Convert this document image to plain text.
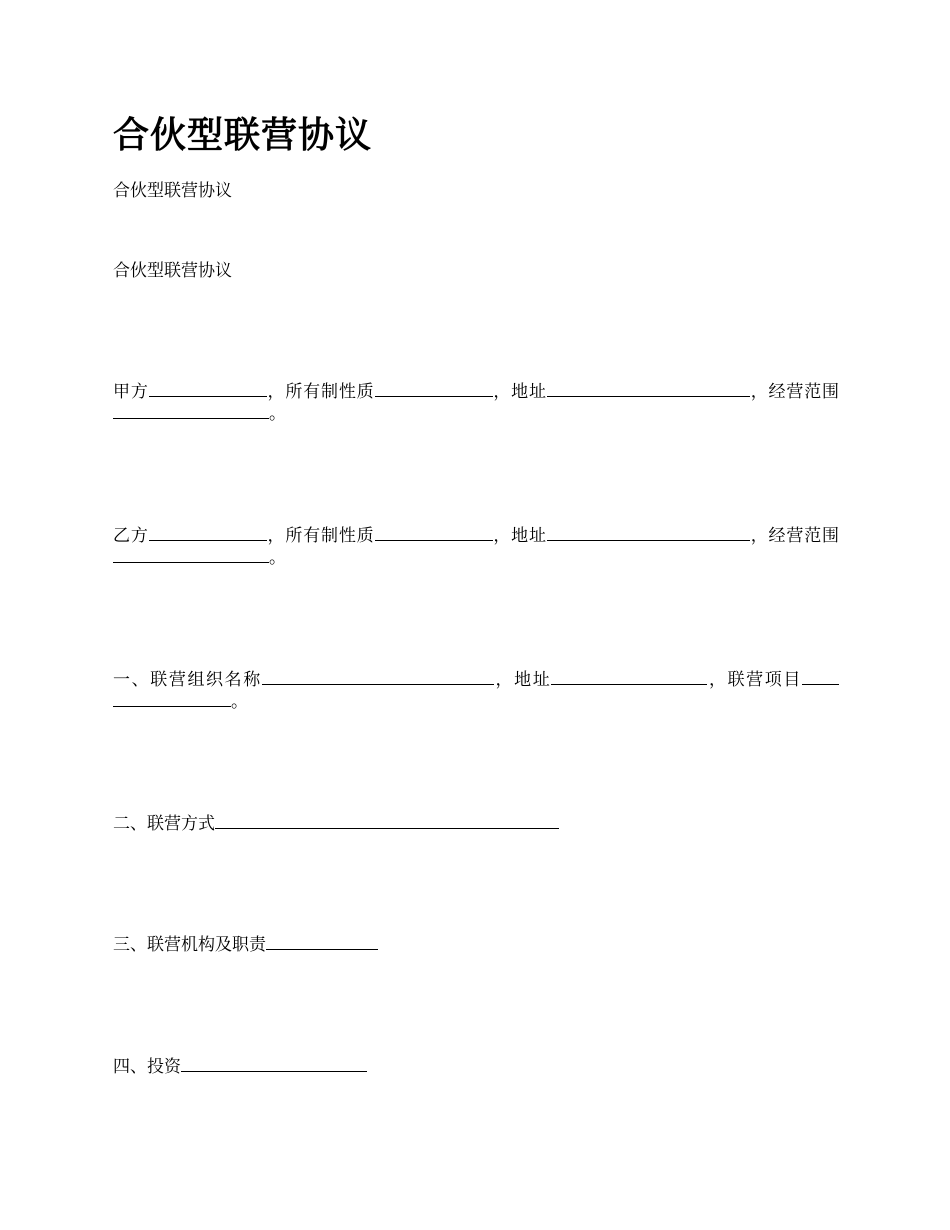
合伙型联营协议
合伙型联营协议
合伙型联营协议
甲方	，所有制性质	，地址	，经营范围。
乙方	，所有制性质	，地址	，经营范围。
一、联营组织名称	，地址	，联营项目。
二、联营方式
三、联营机构及职责
四、投资
